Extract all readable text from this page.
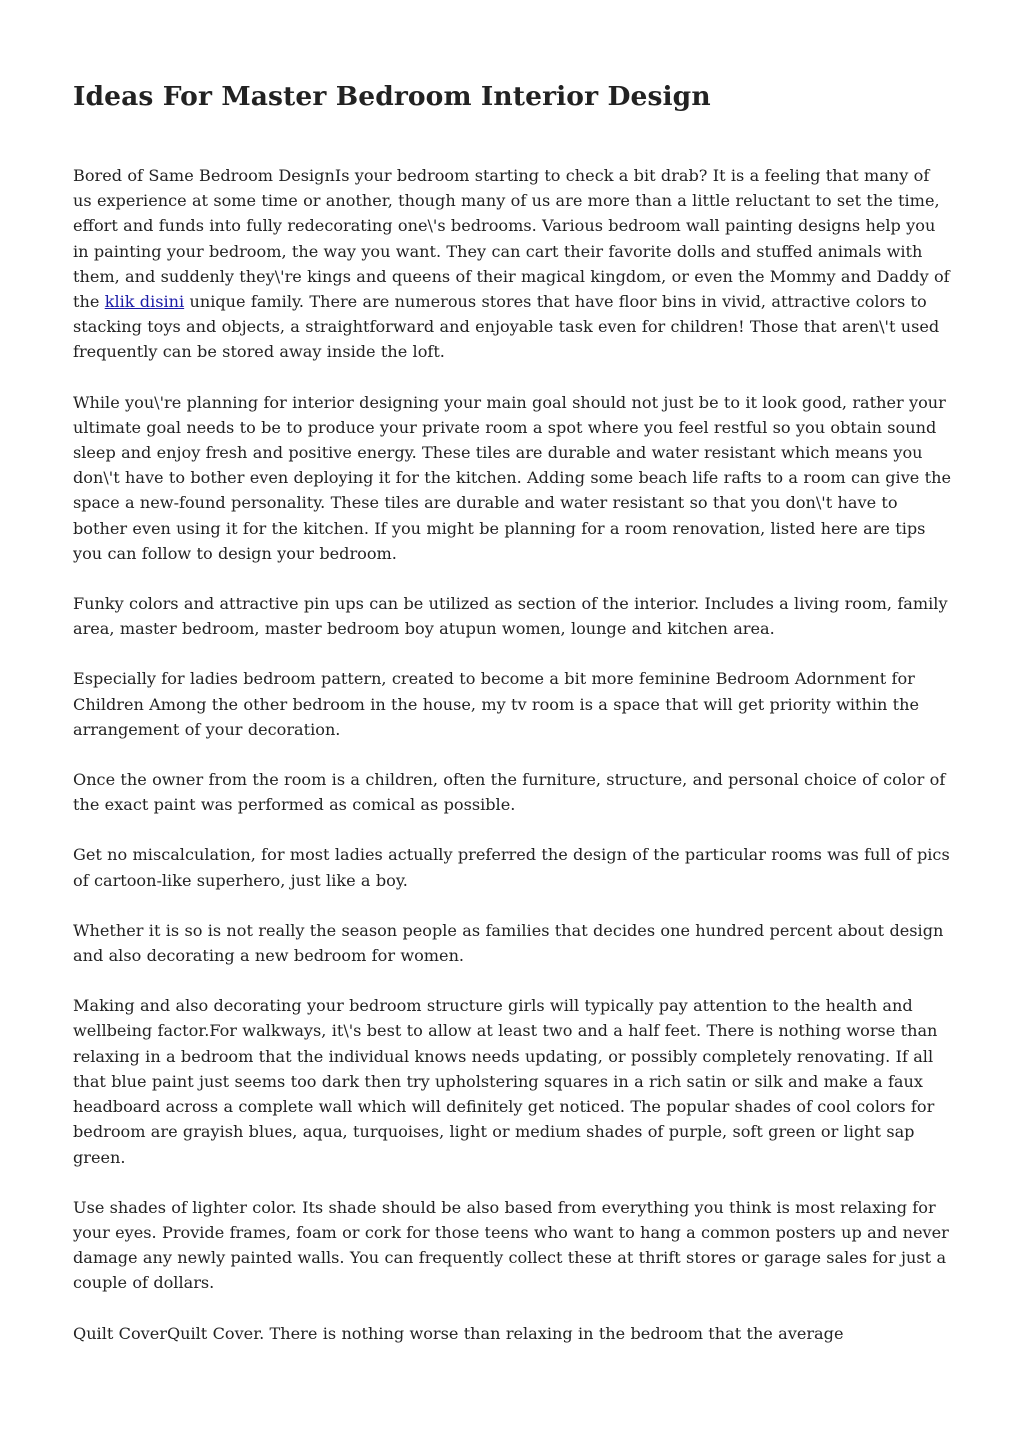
Ideas For Master Bedroom Interior Design

Bored of Same Bedroom DesignIs your bedroom starting to check a bit drab? It is a feeling that many of us experience at some time or another, though many of us are more than a little reluctant to set the time, effort and funds into fully redecorating one\'s bedrooms. Various bedroom wall painting designs help you in painting your bedroom, the way you want. They can cart their favorite dolls and stuffed animals with them, and suddenly they\'re kings and queens of their magical kingdom, or even the Mommy and Daddy of the klik disini unique family. There are numerous stores that have floor bins in vivid, attractive colors to stacking toys and objects, a straightforward and enjoyable task even for children! Those that aren\'t used frequently can be stored away inside the loft.

While you\'re planning for interior designing your main goal should not just be to it look good, rather your ultimate goal needs to be to produce your private room a spot where you feel restful so you obtain sound sleep and enjoy fresh and positive energy. These tiles are durable and water resistant which means you don\'t have to bother even deploying it for the kitchen. Adding some beach life rafts to a room can give the space a new-found personality. These tiles are durable and water resistant so that you don\'t have to bother even using it for the kitchen. If you might be planning for a room renovation, listed here are tips you can follow to design your bedroom.

Funky colors and attractive pin ups can be utilized as section of the interior. Includes a living room, family area, master bedroom, master bedroom boy atupun women, lounge and kitchen area.

Especially for ladies bedroom pattern, created to become a bit more feminine Bedroom Adornment for Children Among the other bedroom in the house, my tv room is a space that will get priority within the arrangement of your decoration.

Once the owner from the room is a children, often the furniture, structure, and personal choice of color of the exact paint was performed as comical as possible.

Get no miscalculation, for most ladies actually preferred the design of the particular rooms was full of pics of cartoon-like superhero, just like a boy.

Whether it is so is not really the season people as families that decides one hundred percent about design and also decorating a new bedroom for women.

Making and also decorating your bedroom structure girls will typically pay attention to the health and wellbeing factor.For walkways, it\'s best to allow at least two and a half feet. There is nothing worse than relaxing in a bedroom that the individual knows needs updating, or possibly completely renovating. If all that blue paint just seems too dark then try upholstering squares in a rich satin or silk and make a faux headboard across a complete wall which will definitely get noticed. The popular shades of cool colors for bedroom are grayish blues, aqua, turquoises, light or medium shades of purple, soft green or light sap green.

Use shades of lighter color. Its shade should be also based from everything you think is most relaxing for your eyes. Provide frames, foam or cork for those teens who want to hang a common posters up and never damage any newly painted walls. You can frequently collect these at thrift stores or garage sales for just a couple of dollars.

Quilt CoverQuilt Cover. There is nothing worse than relaxing in the bedroom that the average
